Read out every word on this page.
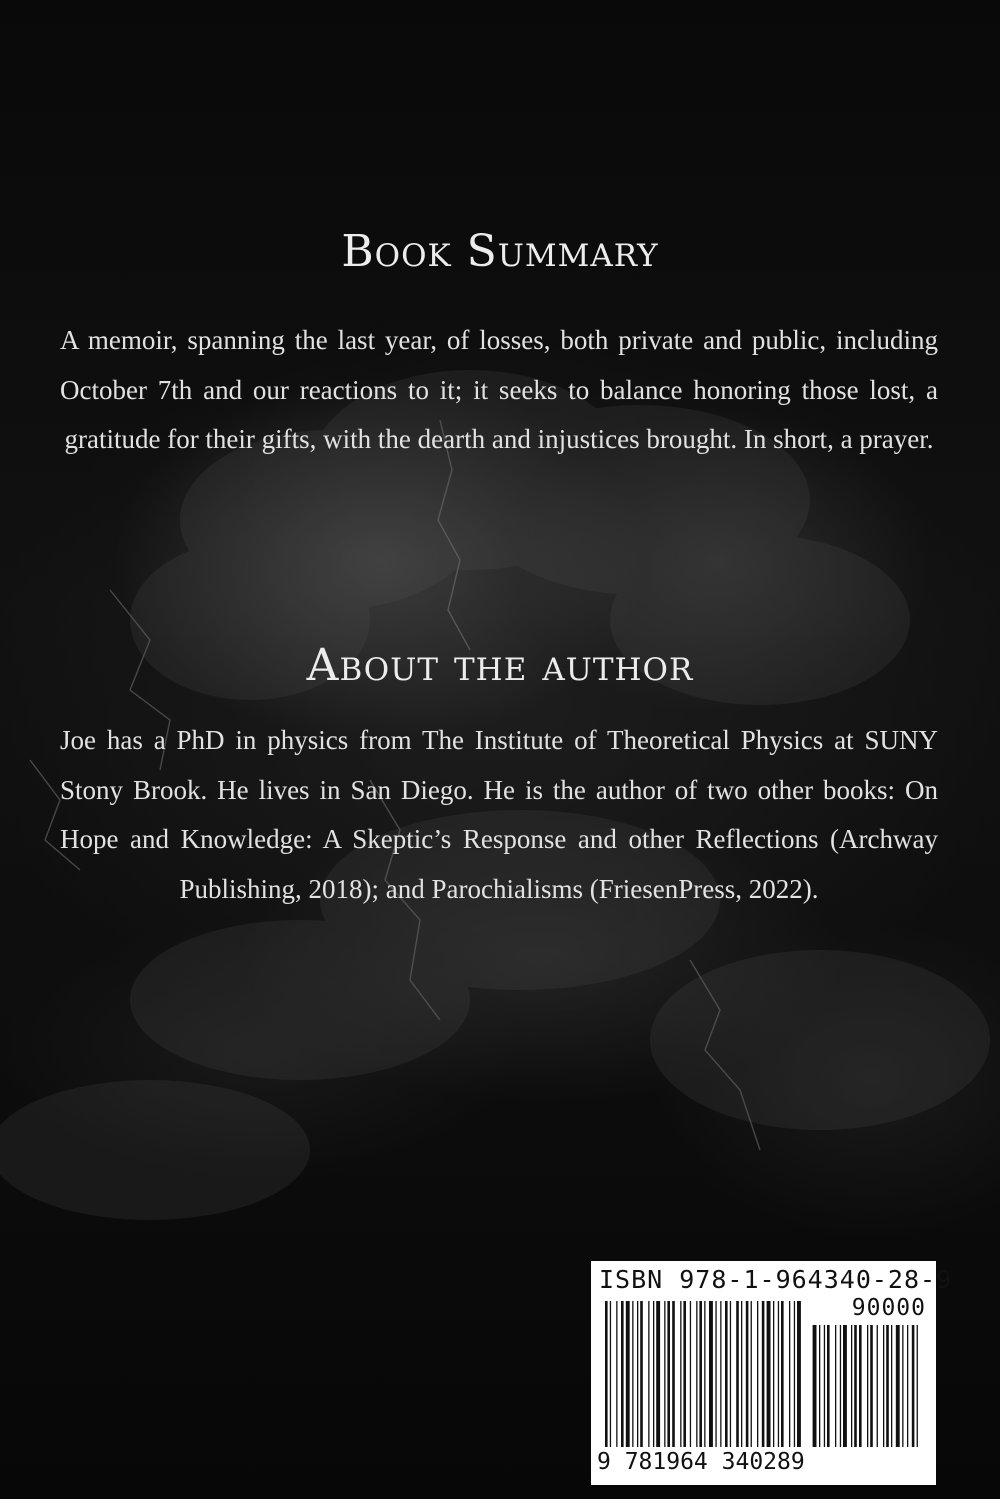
Book Summary

A memoir, spanning the last year, of losses, both private and public, including October 7th and our reactions to it; it seeks to balance honoring those lost, a gratitude for their gifts, with the dearth and injustices brought. In short, a prayer.

About the author

Joe has a PhD in physics from The Institute of Theoretical Physics at SUNY Stony Brook. He lives in San Diego. He is the author of two other books: On Hope and Knowledge: A Skeptic’s Response and other Reflections (Archway Publishing, 2018); and Parochialisms (FriesenPress, 2022).

ISBN 978-1-964340-28-9
90000
9 781964 340289
